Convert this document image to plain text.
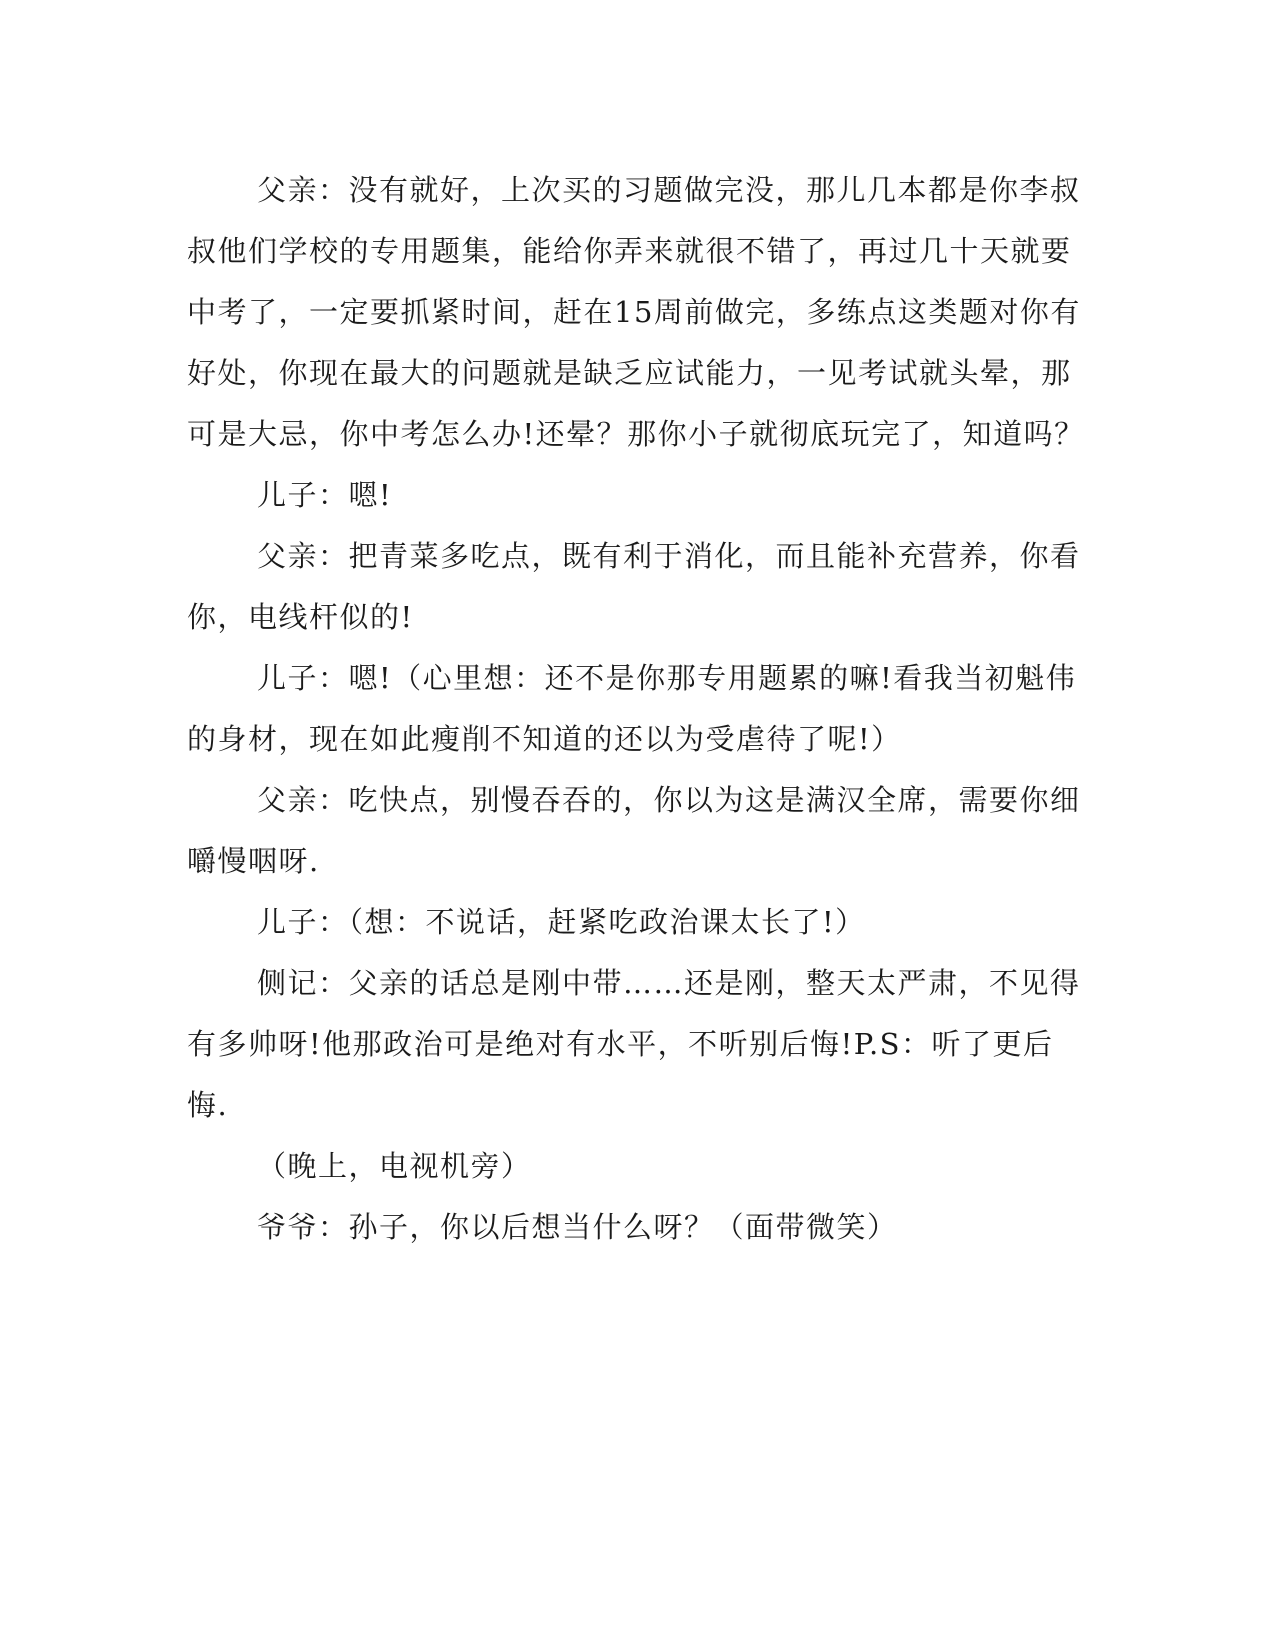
父亲：没有就好，上次买的习题做完没，那儿几本都是你李叔叔他们学校的专用题集，能给你弄来就很不错了，再过几十天就要中考了，一定要抓紧时间，赶在15周前做完，多练点这类题对你有好处，你现在最大的问题就是缺乏应试能力，一见考试就头晕，那可是大忌，你中考怎么办!还晕？那你小子就彻底玩完了，知道吗？

儿子：嗯!

父亲：把青菜多吃点，既有利于消化，而且能补充营养，你看你，电线杆似的!

儿子：嗯!（心里想：还不是你那专用题累的嘛!看我当初魁伟的身材，现在如此瘦削不知道的还以为受虐待了呢!）

父亲：吃快点，别慢吞吞的，你以为这是满汉全席，需要你细嚼慢咽呀.

儿子：（想：不说话，赶紧吃政治课太长了!）

侧记：父亲的话总是刚中带……还是刚，整天太严肃，不见得有多帅呀!他那政治可是绝对有水平，不听别后悔!P.S：听了更后悔.

（晚上，电视机旁）

爷爷：孙子，你以后想当什么呀？（面带微笑）
